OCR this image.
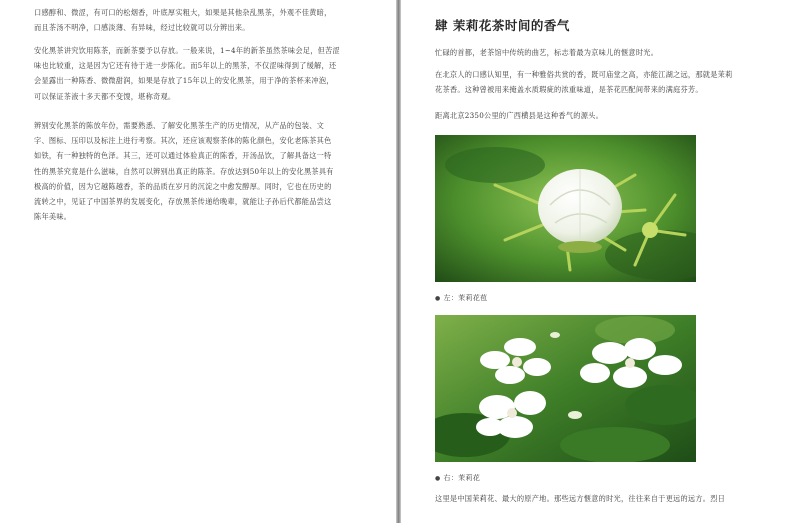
口感醇和、微涩，有可口的松烟香，叶底厚实粗大，如果是其他杂乱黑茶，外观不佳黄暗，
而且茶汤不明净，口感淡薄、有异味，经过比较就可以分辨出来。
安化黑茶讲究饮用陈茶，而新茶要予以存放。一般来说，1~4年的新茶虽然茶味会足，但苦涩
味也比较重，这是因为它还有待于进一步陈化。而5年以上的黑茶，不仅涩味得到了缓解，还
会显露出一种陈香、微微甜润，如果是存放了15年以上的安化黑茶，用于净的茶杯来冲泡，
可以保证茶液十多天都不变馊，堪称奇观。
辨别安化黑茶的陈放年份，需要熟悉、了解安化黑茶生产的历史情况，从产品的包装、文
字、图标、压印以及标注上进行考察。其次，还应该观察茶体的陈化颜色，安化老陈茶其色
如铁，有一种独特的色泽。其三，还可以通过体验真正的陈香，开汤品饮，了解具备这一特
性的黑茶究竟是什么滋味，自然可以辨别出真正的陈茶。存放达到50年以上的安化黑茶具有
极高的价值，因为它越陈越香，茶的品质在岁月的沉淀之中愈发醇厚。同时，它也在历史的
流转之中，见证了中国茶界的发展变化，存放黑茶传递给晚辈，就能让子孙后代都能品尝这
陈年美味。
肆 茉莉花茶时间的香气
忙碌的首都，老茶馆中传统的曲艺，标志着最为京味儿的惬意时光。
在北京人的口感认知里，有一种雅俗共赏的香，既可庙堂之高，亦能江湖之远，那就是茉莉
花茶香。这种曾被用来掩盖水质瑕疵的浓重味道，是茶花匹配间带来的满庭芬芳。
距离北京2350公里的广西横县是这种香气的源头。
● 左：茉莉花苞
● 右：茉莉花
这里是中国茉莉花、最大的原产地。那些远方惬意的时光，往往来自于更远的远方。烈日
